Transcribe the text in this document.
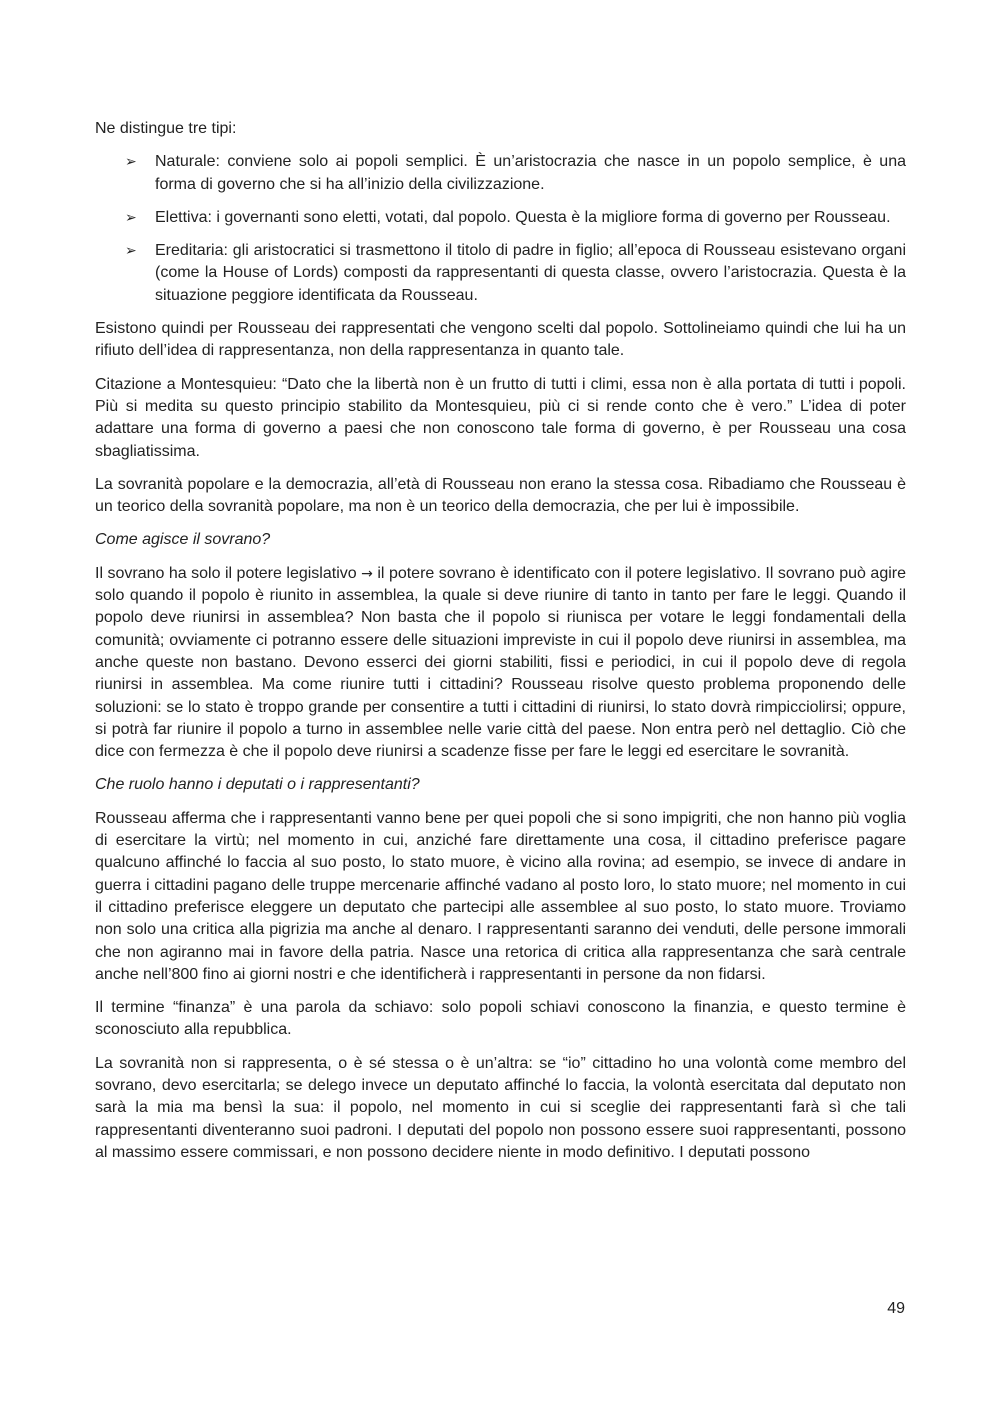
Ne distingue tre tipi:

➢ Naturale: conviene solo ai popoli semplici. È un’aristocrazia che nasce in un popolo semplice, è una forma di governo che si ha all’inizio della civilizzazione.
➢ Elettiva: i governanti sono eletti, votati, dal popolo. Questa è la migliore forma di governo per Rousseau.
➢ Ereditaria: gli aristocratici si trasmettono il titolo di padre in figlio; all’epoca di Rousseau esistevano organi (come la House of Lords) composti da rappresentanti di questa classe, ovvero l’aristocrazia. Questa è la situazione peggiore identificata da Rousseau.

Esistono quindi per Rousseau dei rappresentati che vengono scelti dal popolo. Sottolineiamo quindi che lui ha un rifiuto dell’idea di rappresentanza, non della rappresentanza in quanto tale.

Citazione a Montesquieu: “Dato che la libertà non è un frutto di tutti i climi, essa non è alla portata di tutti i popoli. Più si medita su questo principio stabilito da Montesquieu, più ci si rende conto che è vero.” L’idea di poter adattare una forma di governo a paesi che non conoscono tale forma di governo, è per Rousseau una cosa sbagliatissima.

La sovranità popolare e la democrazia, all’età di Rousseau non erano la stessa cosa. Ribadiamo che Rousseau è un teorico della sovranità popolare, ma non è un teorico della democrazia, che per lui è impossibile.

Come agisce il sovrano?

Il sovrano ha solo il potere legislativo → il potere sovrano è identificato con il potere legislativo. Il sovrano può agire solo quando il popolo è riunito in assemblea, la quale si deve riunire di tanto in tanto per fare le leggi. Quando il popolo deve riunirsi in assemblea? Non basta che il popolo si riunisca per votare le leggi fondamentali della comunità; ovviamente ci potranno essere delle situazioni impreviste in cui il popolo deve riunirsi in assemblea, ma anche queste non bastano. Devono esserci dei giorni stabiliti, fissi e periodici, in cui il popolo deve di regola riunirsi in assemblea. Ma come riunire tutti i cittadini? Rousseau risolve questo problema proponendo delle soluzioni: se lo stato è troppo grande per consentire a tutti i cittadini di riunirsi, lo stato dovrà rimpicciolirsi; oppure, si potrà far riunire il popolo a turno in assemblee nelle varie città del paese. Non entra però nel dettaglio. Ciò che dice con fermezza è che il popolo deve riunirsi a scadenze fisse per fare le leggi ed esercitare le sovranità.

Che ruolo hanno i deputati o i rappresentanti?

Rousseau afferma che i rappresentanti vanno bene per quei popoli che si sono impigriti, che non hanno più voglia di esercitare la virtù; nel momento in cui, anziché fare direttamente una cosa, il cittadino preferisce pagare qualcuno affinché lo faccia al suo posto, lo stato muore, è vicino alla rovina; ad esempio, se invece di andare in guerra i cittadini pagano delle truppe mercenarie affinché vadano al posto loro, lo stato muore; nel momento in cui il cittadino preferisce eleggere un deputato che partecipi alle assemblee al suo posto, lo stato muore. Troviamo non solo una critica alla pigrizia ma anche al denaro. I rappresentanti saranno dei venduti, delle persone immorali che non agiranno mai in favore della patria. Nasce una retorica di critica alla rappresentanza che sarà centrale anche nell’800 fino ai giorni nostri e che identificherà i rappresentanti in persone da non fidarsi.

Il termine “finanza” è una parola da schiavo: solo popoli schiavi conoscono la finanzia, e questo termine è sconosciuto alla repubblica.

La sovranità non si rappresenta, o è sé stessa o è un’altra: se “io” cittadino ho una volontà come membro del sovrano, devo esercitarla; se delego invece un deputato affinché lo faccia, la volontà esercitata dal deputato non sarà la mia ma bensì la sua: il popolo, nel momento in cui si sceglie dei rappresentanti farà sì che tali rappresentanti diventeranno suoi padroni. I deputati del popolo non possono essere suoi rappresentanti, possono al massimo essere commissari, e non possono decidere niente in modo definitivo. I deputati possono

49
